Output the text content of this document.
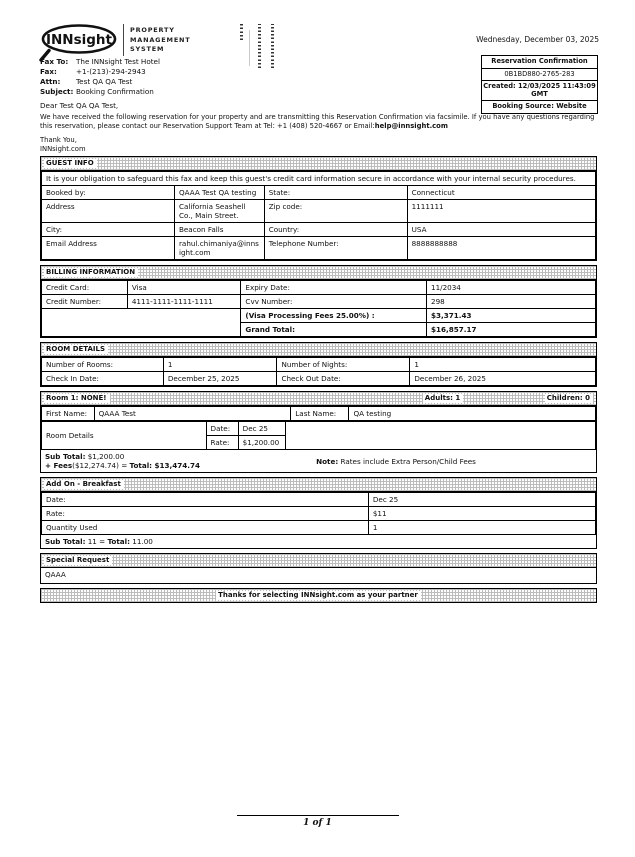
INNsight
PROPERTY
MANAGEMENT
SYSTEM
Wednesday, December 03, 2025
Reservation Confirmation
0B1BD880-2765-283
Created: 12/03/2025 11:43:09 GMT
Booking Source: Website
Fax To:	The INNsight Test Hotel
Fax:	+1-(213)-294-2943
Attn:	Test QA QA Test
Subject: Booking Confirmation
Dear Test QA QA Test,
We have received the following reservation for your property and are transmitting this Reservation Confirmation via facsimile. If you have any questions regarding this reservation, please contact our Reservation Support Team at Tel: +1 (408) 520-4667 or Email:help@innsight.com
Thank You,
INNsight.com
GUEST INFO
It is your obligation to safeguard this fax and keep this guest's credit card information secure in accordance with your internal security procedures.			
Booked by:	QAAA Test QA testing	State:	Connecticut
Address	California Seashell Co., Main Street.	Zip code:	1111111
City:	Beacon Falls	Country:	USA
Email Address	rahul.chimaniya@innsight.com	Telephone Number:	8888888888
BILLING INFORMATION
Credit Card:	Visa	Expiry Date:	11/2034
Credit Number:	4111-1111-1111-1111	Cvv Number:	298
		(Visa Processing Fees 25.00%) :	$3,371.43
		Grand Total:	$16,857.17
ROOM DETAILS
Number of Rooms:	1	Number of Nights:	1
Check In Date:	December 25, 2025	Check Out Date:	December 26, 2025
Room 1: NONE!	Adults: 1	Children: 0
First Name:	QAAA Test	Last Name:	QA testing
Room Details	Date:	Dec 25	
	Rate:	$1,200.00	
Sub Total: $1,200.00
+ Fees($12,274.74) = Total: $13,474.74	Note: Rates include Extra Person/Child Fees
Add On - Breakfast
Date:	Dec 25
Rate:	$11
Quantity Used	1
Sub Total: 11 = Total: 11.00
Special Request
QAAA
Thanks for selecting INNsight.com as your partner
1 of 1
